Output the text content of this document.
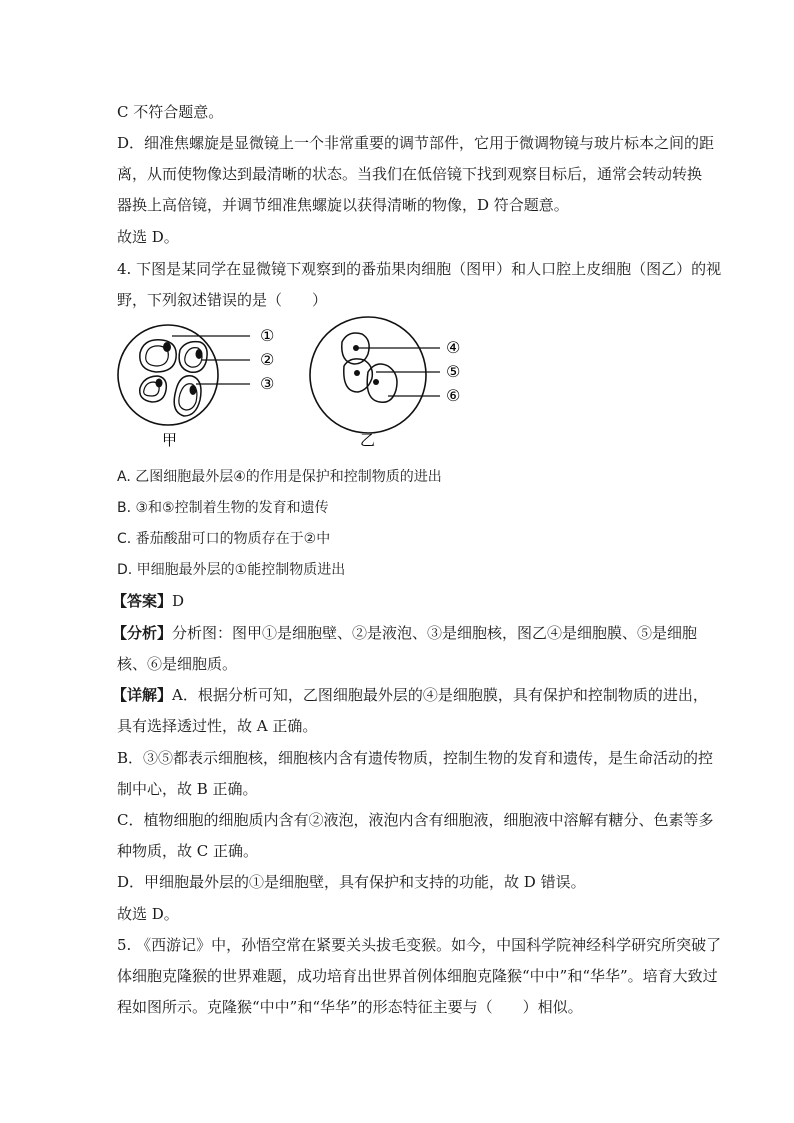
C 不符合题意。
D．细准焦螺旋是显微镜上一个非常重要的调节部件，它用于微调物镜与玻片标本之间的距
离，从而使物像达到最清晰的状态。当我们在低倍镜下找到观察目标后，通常会转动转换
器换上高倍镜，并调节细准焦螺旋以获得清晰的物像，D 符合题意。
故选 D。
4. 下图是某同学在显微镜下观察到的番茄果肉细胞（图甲）和人口腔上皮细胞（图乙）的视
野，下列叙述错误的是（　　）
①
②
③
甲
④
⑤
⑥
乙
A. 乙图细胞最外层④的作用是保护和控制物质的进出
B. ③和⑤控制着生物的发育和遗传
C. 番茄酸甜可口的物质存在于②中
D. 甲细胞最外层的①能控制物质进出
【答案】D
【分析】分析图：图甲①是细胞壁、②是液泡、③是细胞核，图乙④是细胞膜、⑤是细胞
核、⑥是细胞质。
【详解】A．根据分析可知，乙图细胞最外层的④是细胞膜，具有保护和控制物质的进出，
具有选择透过性，故 A 正确。
B．③⑤都表示细胞核，细胞核内含有遗传物质，控制生物的发育和遗传，是生命活动的控
制中心，故 B 正确。
C．植物细胞的细胞质内含有②液泡，液泡内含有细胞液，细胞液中溶解有糖分、色素等多
种物质，故 C 正确。
D．甲细胞最外层的①是细胞壁，具有保护和支持的功能，故 D 错误。
故选 D。
5. 《西游记》中，孙悟空常在紧要关头拔毛变猴。如今，中国科学院神经科学研究所突破了
体细胞克隆猴的世界难题，成功培育出世界首例体细胞克隆猴“中中”和“华华”。培育大致过
程如图所示。克隆猴“中中”和“华华”的形态特征主要与（　　）相似。
